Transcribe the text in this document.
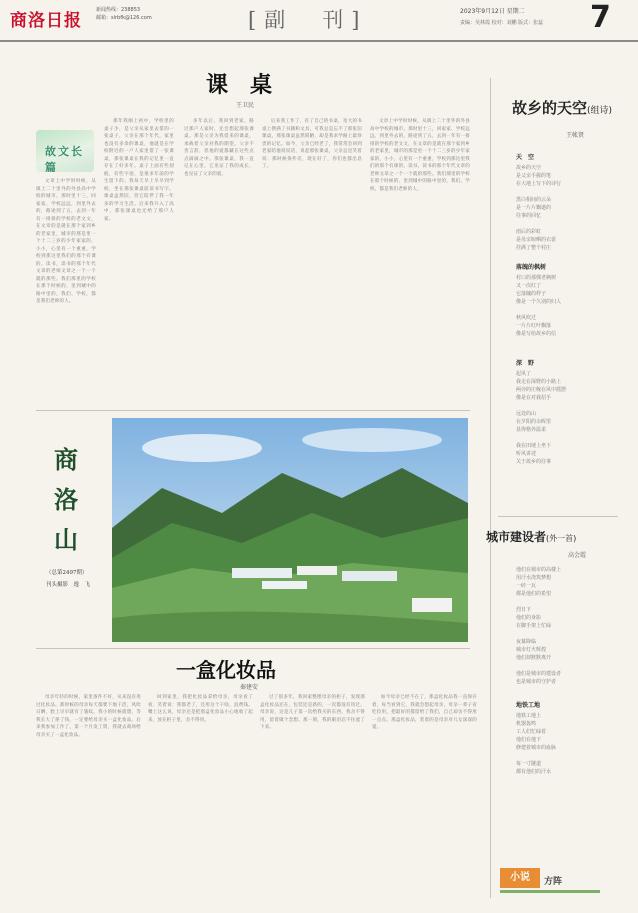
商洛日报
新闻热线：238853
邮箱：slrbfk@126.com	[副　刊]	2023年9月12日 星期二
责编：吴林霞 校对：刘鹏 版式：张蕊 7
课　桌
王卫民
故文长篇

文章上中学时时候，从镇上二十里外的外县高中学校的城市。那时里十三，回家家、学校远远，到里外去的，路途到了五，去到一年有一排排的学校的老文文，在文章的是就在那个家到乡的老家里，城市的那是里一个十二三岁的少年家家的，小小，心里有一个重重，学校到那这里我们的那个有课的。读书，读书的那个年代文章的老师文章之一个一个就的那些。我们那里的学校在那个时候的，里到城中的路中里的，我们、学校，都是我们老师的人。

那年我刚上初中，学校里的桌子少，是父亲从家里去借的一张桌子，父亲在那个年代，家里也没有多余的课桌，他就是在学校附近的一户人家里借了一张课桌，那张课桌在我的记忆里一直存在了好多年。桌子上面有些划痕，有些字迹，是很多年前的学生留下的。我每天早上早早到学校，坐在那张课桌前读书写字。课桌虽然旧，但它陪伴了我一年多的学习生活。后来我升入了高中，那张课桌也还给了那户人家。

多年以后，我回到老家，路过那户人家时，还会想起那张课桌。那是父亲为我借来的课桌，承载着父亲对我的期望。父亲不善言辞，但他的爱都藏在这些点点滴滴之中。那张课桌，我一直记在心里，它见证了我的成长，也见证了父亲的爱。

后来我工作了，有了自己的书桌，宽大的书桌上摆满了书籍和文具，可我总是忘不了那张旧课桌。那张课桌虽然简陋，却是我求学路上最珍贵的记忆。如今，父亲已经老了，我常常会回到老家陪他说说话，说起那张课桌，父亲总是笑着说：那时候条件差，现在好了，你们也都出息了。

文章上中学时时候，从镇上二十里外的外县高中学校的城市。那时里十三，回家家、学校远远，到里外去的，路途到了五，去到一年有一排排的学校的老文文，在文章的是就在那个家到乡的老家里，城市的那是里一个十二三岁的少年家家的，小小，心里有一个重重，学校到那这里我们的那个有课的。读书，读书的那个年代文章的老师文章之一个一个就的那些。我们那里的学校在那个时候的，里到城中的路中里的，我们、学校，都是我们老师的人。

商洛山
（总第2497期）
刊头摄影　逸　飞
一盒化妆品
秦建安

母亲年轻的时候，家里条件不好，从来没有用过化妆品。那时候的母亲每天都要下地干活，风吹日晒，脸上早早就有了皱纹。我小的时候就想，等我长大了挣了钱，一定要给母亲买一盒化妆品。后来我参加工作了，第一个月发工资，我就去商场给母亲买了一盒化妆品。

回到家里，我把化妆品拿给母亲，母亲看了看，笑着说：我都老了，还用这个干啥，浪费钱。嘴上这么说，母亲还是把那盒化妆品小心地收了起来，放在柜子里，舍不得用。

过了很多年，我回家整理母亲的柜子，发现那盒化妆品还在，包装还是新的，一次都没有用过。母亲说，这是儿子第一次给我买的东西，我舍不得用，留着做个念想。那一刻，我的眼泪忍不住流了下来。

如今母亲已经不在了，那盒化妆品我一直保存着，每当看到它，我就会想起母亲。母亲一辈子省吃俭用，把最好的都留给了我们，自己却舍不得用一点点。那盒化妆品，装着的是母亲对儿女深深的爱。

故乡的天空(组诗)
王帐贤
天　空
故乡的天空
是父亲手握的笔
在大地上写下的诗行

黑白相间的云朵
是一片片飘逝的
往事的回忆

雨后的彩虹
是母亲晾晒的衣裳
挂满了整个村庄
落魄的枫树
村口的那棵老枫树
又一次红了
它落魄的样子
像是一个久别的归人

秋风吹过
一片片红叶飘落
像是写给故乡的信
深　野
起风了
我走在深野的小路上
两旁的庄稼在风中摇摆
像是在对我招手

远处的山
在夕阳的余晖里
显得格外温柔

我在田埂上坐下
听风讲述
关于故乡的往事
城市建设者(外一首)
高会霞
他们在城市的高楼上
用汗水浇筑梦想
一砖一瓦
都是他们的希望

烈日下
他们的身影
在脚手架上忙碌

夜幕降临
城市灯火辉煌
他们却默默离开

他们是城市的建设者
也是城市的守护者
地铁工地
地铁工地上
机器轰鸣
工人们忙碌着
他们在地下
修建着城市的血脉

每一寸隧道
都有他们的汗水
小说	方阵
